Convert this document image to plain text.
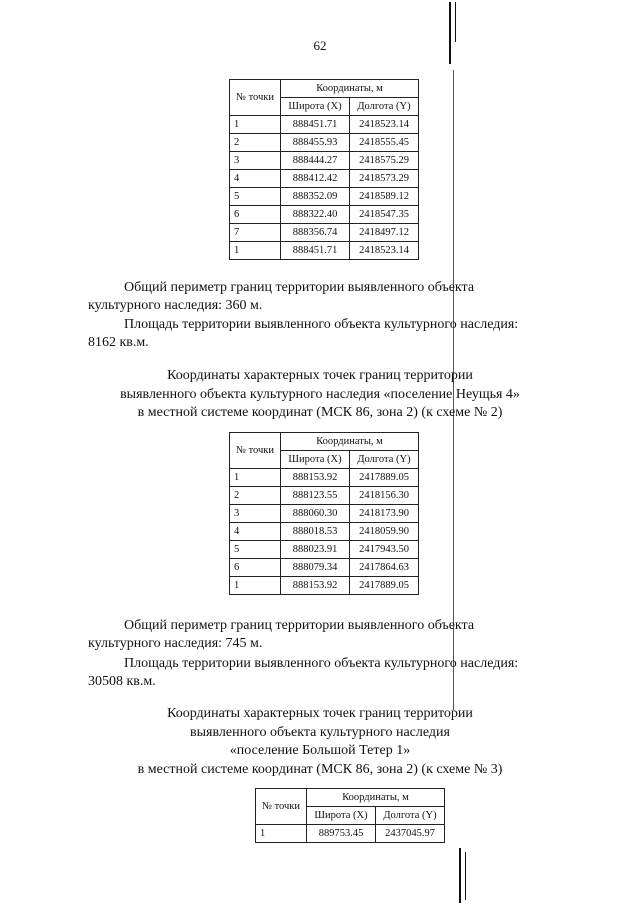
62
№ точки	Координаты, м	
	Широта (X)	Долгота (Y)
1	888451.71	2418523.14
2	888455.93	2418555.45
3	888444.27	2418575.29
4	888412.42	2418573.29
5	888352.09	2418589.12
6	888322.40	2418547.35
7	888356.74	2418497.12
1	888451.71	2418523.14

Общий периметр границ территории выявленного объекта
культурного наследия: 360 м.

Площадь территории выявленного объекта культурного наследия:
8162 кв.м.

Координаты характерных точек границ территории
выявленного объекта культурного наследия «поселение Неущья 4»
в местной системе координат (МСК 86, зона 2) (к схеме № 2)
№ точки	Координаты, м	
	Широта (X)	Долгота (Y)
1	888153.92	2417889.05
2	888123.55	2418156.30
3	888060.30	2418173.90
4	888018.53	2418059.90
5	888023.91	2417943.50
6	888079.34	2417864.63
1	888153.92	2417889.05

Общий периметр границ территории выявленного объекта
культурного наследия: 745 м.

Площадь территории выявленного объекта культурного наследия:
30508 кв.м.

Координаты характерных точек границ территории
выявленного объекта культурного наследия
«поселение Большой Тетер 1»
в местной системе координат (МСК 86, зона 2) (к схеме № 3)
№ точки	Координаты, м	
	Широта (X)	Долгота (Y)
1	889753.45	2437045.97
